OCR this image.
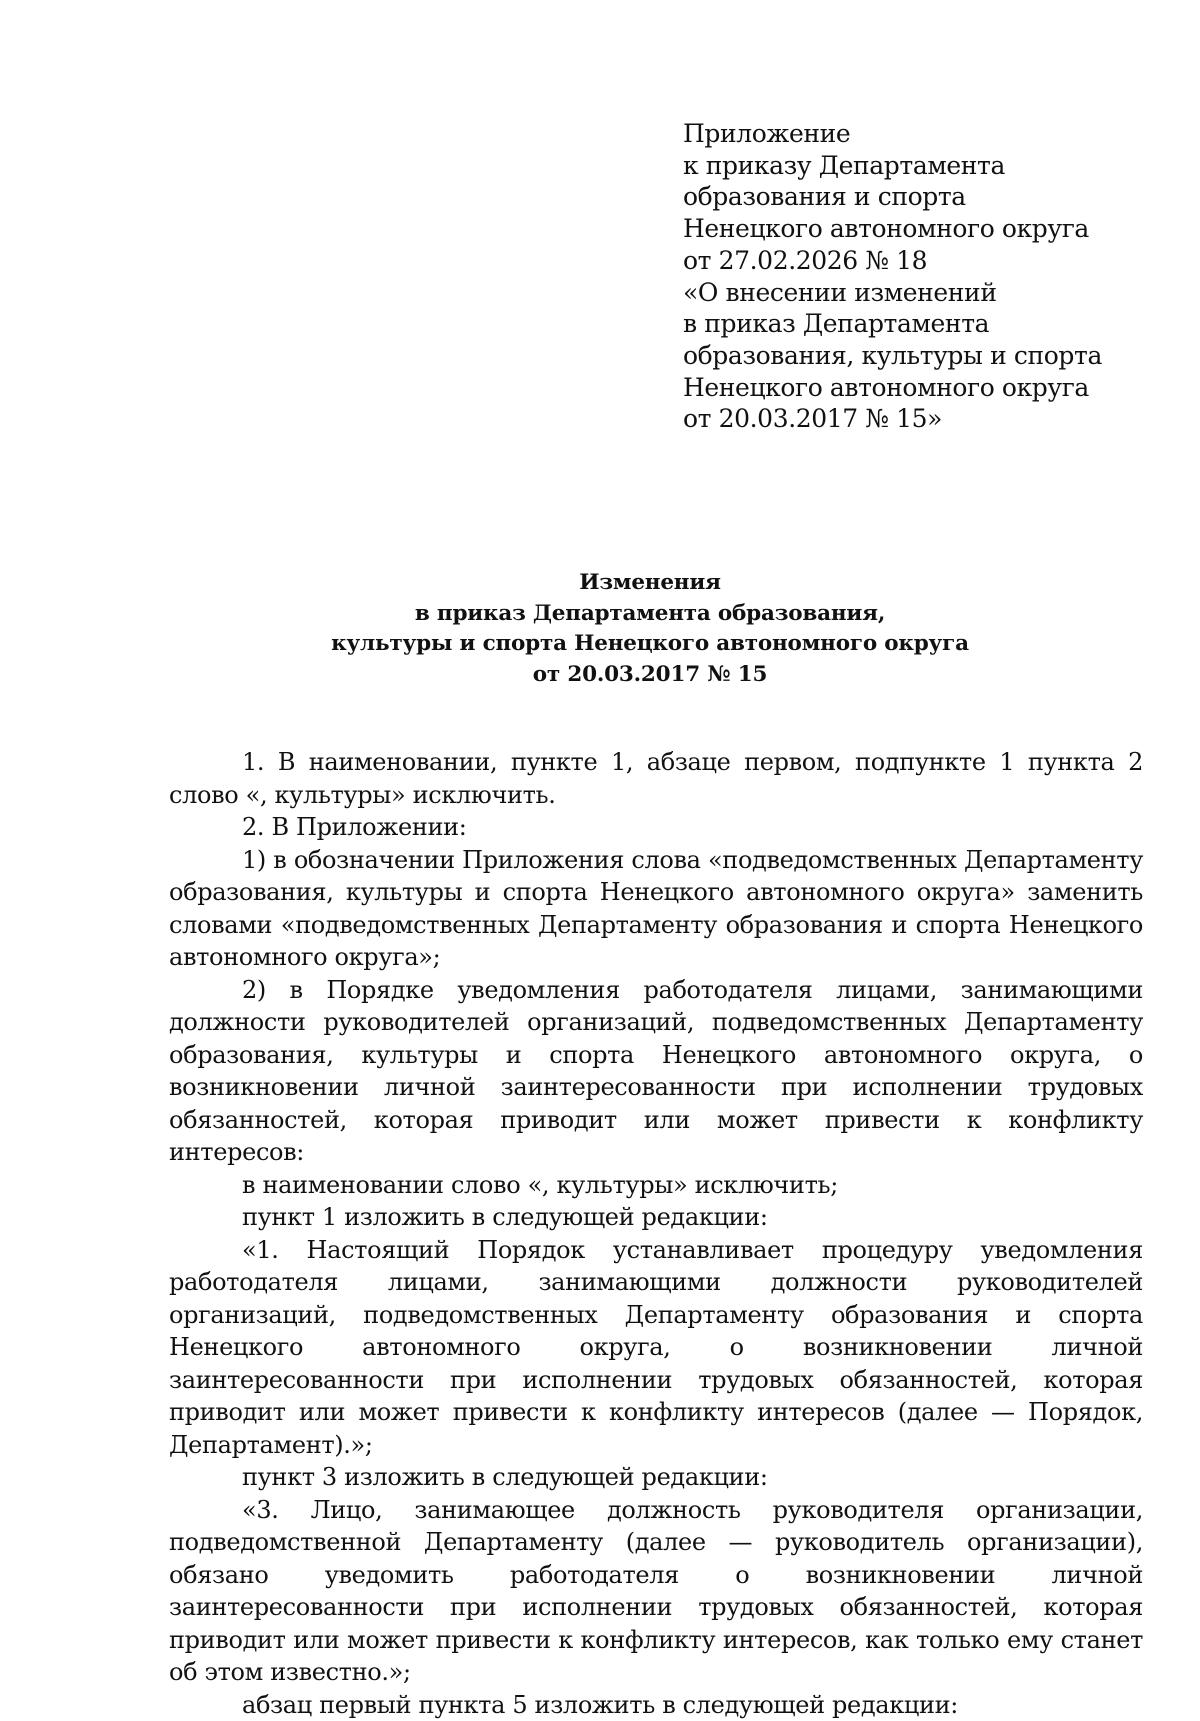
Приложение
к приказу Департамента
образования и спорта
Ненецкого автономного округа
от 27.02.2026 № 18
«О внесении изменений
в приказ Департамента
образования, культуры и спорта
Ненецкого автономного округа
от 20.03.2017 № 15»
Изменения
в приказ Департамента образования,
культуры и спорта Ненецкого автономного округа
от 20.03.2017 № 15

1. В наименовании, пункте 1, абзаце первом, подпункте 1 пункта 2 слово «, культуры» исключить.

2. В Приложении:

1) в обозначении Приложения слова «подведомственных Департаменту образования, культуры и спорта Ненецкого автономного округа» заменить словами «подведомственных Департаменту образования и спорта Ненецкого автономного округа»;

2) в Порядке уведомления работодателя лицами, занимающими должности руководителей организаций, подведомственных Департаменту образования, культуры и спорта Ненецкого автономного округа, о возникновении личной заинтересованности при исполнении трудовых обязанностей, которая приводит или может привести к конфликту интересов:

в наименовании слово «, культуры» исключить;

пункт 1 изложить в следующей редакции:

«1. Настоящий Порядок устанавливает процедуру уведомления работодателя лицами, занимающими должности руководителей организаций, подведомственных Департаменту образования и спорта Ненецкого автономного округа, о возникновении личной заинтересованности при исполнении трудовых обязанностей, которая приводит или может привести к конфликту интересов (далее — Порядок, Департамент).»;

пункт 3 изложить в следующей редакции:

«3. Лицо, занимающее должность руководителя организации, подведомственной Департаменту (далее — руководитель организации), обязано уведомить работодателя о возникновении личной заинтересованности при исполнении трудовых обязанностей, которая приводит или может привести к конфликту интересов, как только ему станет об этом известно.»;

абзац первый пункта 5 изложить в следующей редакции:
